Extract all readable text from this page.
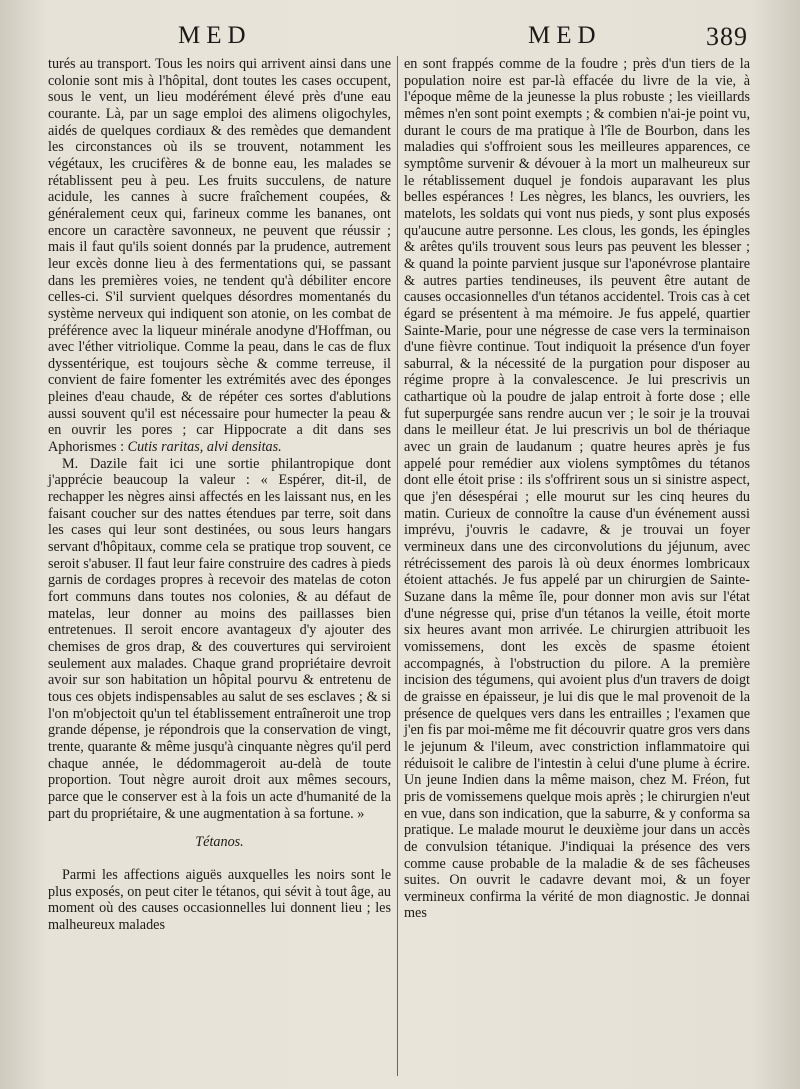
MED	MED	389

turés au transport. Tous les noirs qui arrivent ainsi dans une colonie sont mis à l'hôpital, dont toutes les cases occupent, sous le vent, un lieu modérément élevé près d'une eau courante. Là, par un sage emploi des alimens oligochyles, aidés de quelques cordiaux & des remèdes que demandent les circonstances où ils se trouvent, notamment les végétaux, les crucifères & de bonne eau, les malades se rétablissent peu à peu. Les fruits succulens, de nature acidule, les cannes à sucre fraîchement coupées, & généralement ceux qui, farineux comme les bananes, ont encore un caractère savonneux, ne peuvent que réussir ; mais il faut qu'ils soient donnés par la prudence, autrement leur excès donne lieu à des fermentations qui, se passant dans les premières voies, ne tendent qu'à débiliter encore celles-ci. S'il survient quelques désordres momentanés du système nerveux qui indiquent son atonie, on les combat de préférence avec la liqueur minérale anodyne d'Hoffman, ou avec l'éther vitriolique. Comme la peau, dans le cas de flux dyssentérique, est toujours sèche & comme terreuse, il convient de faire fomenter les extrémités avec des éponges pleines d'eau chaude, & de répéter ces sortes d'ablutions aussi souvent qu'il est nécessaire pour humecter la peau & en ouvrir les pores ; car Hippocrate a dit dans ses Aphorismes : Cutis raritas, alvi densitas.

M. Dazile fait ici une sortie philantropique dont j'apprécie beaucoup la valeur : « Espérer, dit-il, de rechapper les nègres ainsi affectés en les laissant nus, en les faisant coucher sur des nattes étendues par terre, soit dans les cases qui leur sont destinées, ou sous leurs hangars servant d'hôpitaux, comme cela se pratique trop souvent, ce seroit s'abuser. Il faut leur faire construire des cadres à pieds garnis de cordages propres à recevoir des matelas de coton fort communs dans toutes nos colonies, & au défaut de matelas, leur donner au moins des paillasses bien entretenues. Il seroit encore avantageux d'y ajouter des chemises de gros drap, & des couvertures qui serviroient seulement aux malades. Chaque grand propriétaire devroit avoir sur son habitation un hôpital pourvu & entretenu de tous ces objets indispensables au salut de ses esclaves ; & si l'on m'objectoit qu'un tel établissement entraîneroit une trop grande dépense, je répondrois que la conservation de vingt, trente, quarante & même jusqu'à cinquante nègres qu'il perd chaque année, le dédommageroit au-delà de toute proportion. Tout nègre auroit droit aux mêmes secours, parce que le conserver est à la fois un acte d'humanité de la part du propriétaire, & une augmentation à sa fortune. »

Tétanos.

Parmi les affections aiguës auxquelles les noirs sont le plus exposés, on peut citer le tétanos, qui sévit à tout âge, au moment où des causes occasionnelles lui donnent lieu ; les malheureux malades

en sont frappés comme de la foudre ; près d'un tiers de la population noire est par-là effacée du livre de la vie, à l'époque même de la jeunesse la plus robuste ; les vieillards mêmes n'en sont point exempts ; & combien n'ai-je point vu, durant le cours de ma pratique à l'île de Bourbon, dans les maladies qui s'offroient sous les meilleures apparences, ce symptôme survenir & dévouer à la mort un malheureux sur le rétablissement duquel je fondois auparavant les plus belles espérances ! Les nègres, les blancs, les ouvriers, les matelots, les soldats qui vont nus pieds, y sont plus exposés qu'aucune autre personne. Les clous, les gonds, les épingles & arêtes qu'ils trouvent sous leurs pas peuvent les blesser ; & quand la pointe parvient jusque sur l'aponévrose plantaire & autres parties tendineuses, ils peuvent être autant de causes occasionnelles d'un tétanos accidentel. Trois cas à cet égard se présentent à ma mémoire. Je fus appelé, quartier Sainte-Marie, pour une négresse de case vers la terminaison d'une fièvre continue. Tout indiquoit la présence d'un foyer saburral, & la nécessité de la purgation pour disposer au régime propre à la convalescence. Je lui prescrivis un cathartique où la poudre de jalap entroit à forte dose ; elle fut superpurgée sans rendre aucun ver ; le soir je la trouvai dans le meilleur état. Je lui prescrivis un bol de thériaque avec un grain de laudanum ; quatre heures après je fus appelé pour remédier aux violens symptômes du tétanos dont elle étoit prise : ils s'offrirent sous un si sinistre aspect, que j'en désespérai ; elle mourut sur les cinq heures du matin. Curieux de connoître la cause d'un événement aussi imprévu, j'ouvris le cadavre, & je trouvai un foyer vermineux dans une des circonvolutions du jéjunum, avec rétrécissement des parois là où deux énormes lombricaux étoient attachés. Je fus appelé par un chirurgien de Sainte-Suzane dans la même île, pour donner mon avis sur l'état d'une négresse qui, prise d'un tétanos la veille, étoit morte six heures avant mon arrivée. Le chirurgien attribuoit les vomissemens, dont les excès de spasme étoient accompagnés, à l'obstruction du pilore. A la première incision des tégumens, qui avoient plus d'un travers de doigt de graisse en épaisseur, je lui dis que le mal provenoit de la présence de quelques vers dans les entrailles ; l'examen que j'en fis par moi-même me fit découvrir quatre gros vers dans le jejunum & l'ileum, avec constriction inflammatoire qui réduisoit le calibre de l'intestin à celui d'une plume à écrire. Un jeune Indien dans la même maison, chez M. Fréon, fut pris de vomissemens quelque mois après ; le chirurgien n'eut en vue, dans son indication, que la saburre, & y conforma sa pratique. Le malade mourut le deuxième jour dans un accès de convulsion tétanique. J'indiquai la présence des vers comme cause probable de la maladie & de ses fâcheuses suites. On ouvrit le cadavre devant moi, & un foyer vermineux confirma la vérité de mon diagnostic. Je donnai mes
